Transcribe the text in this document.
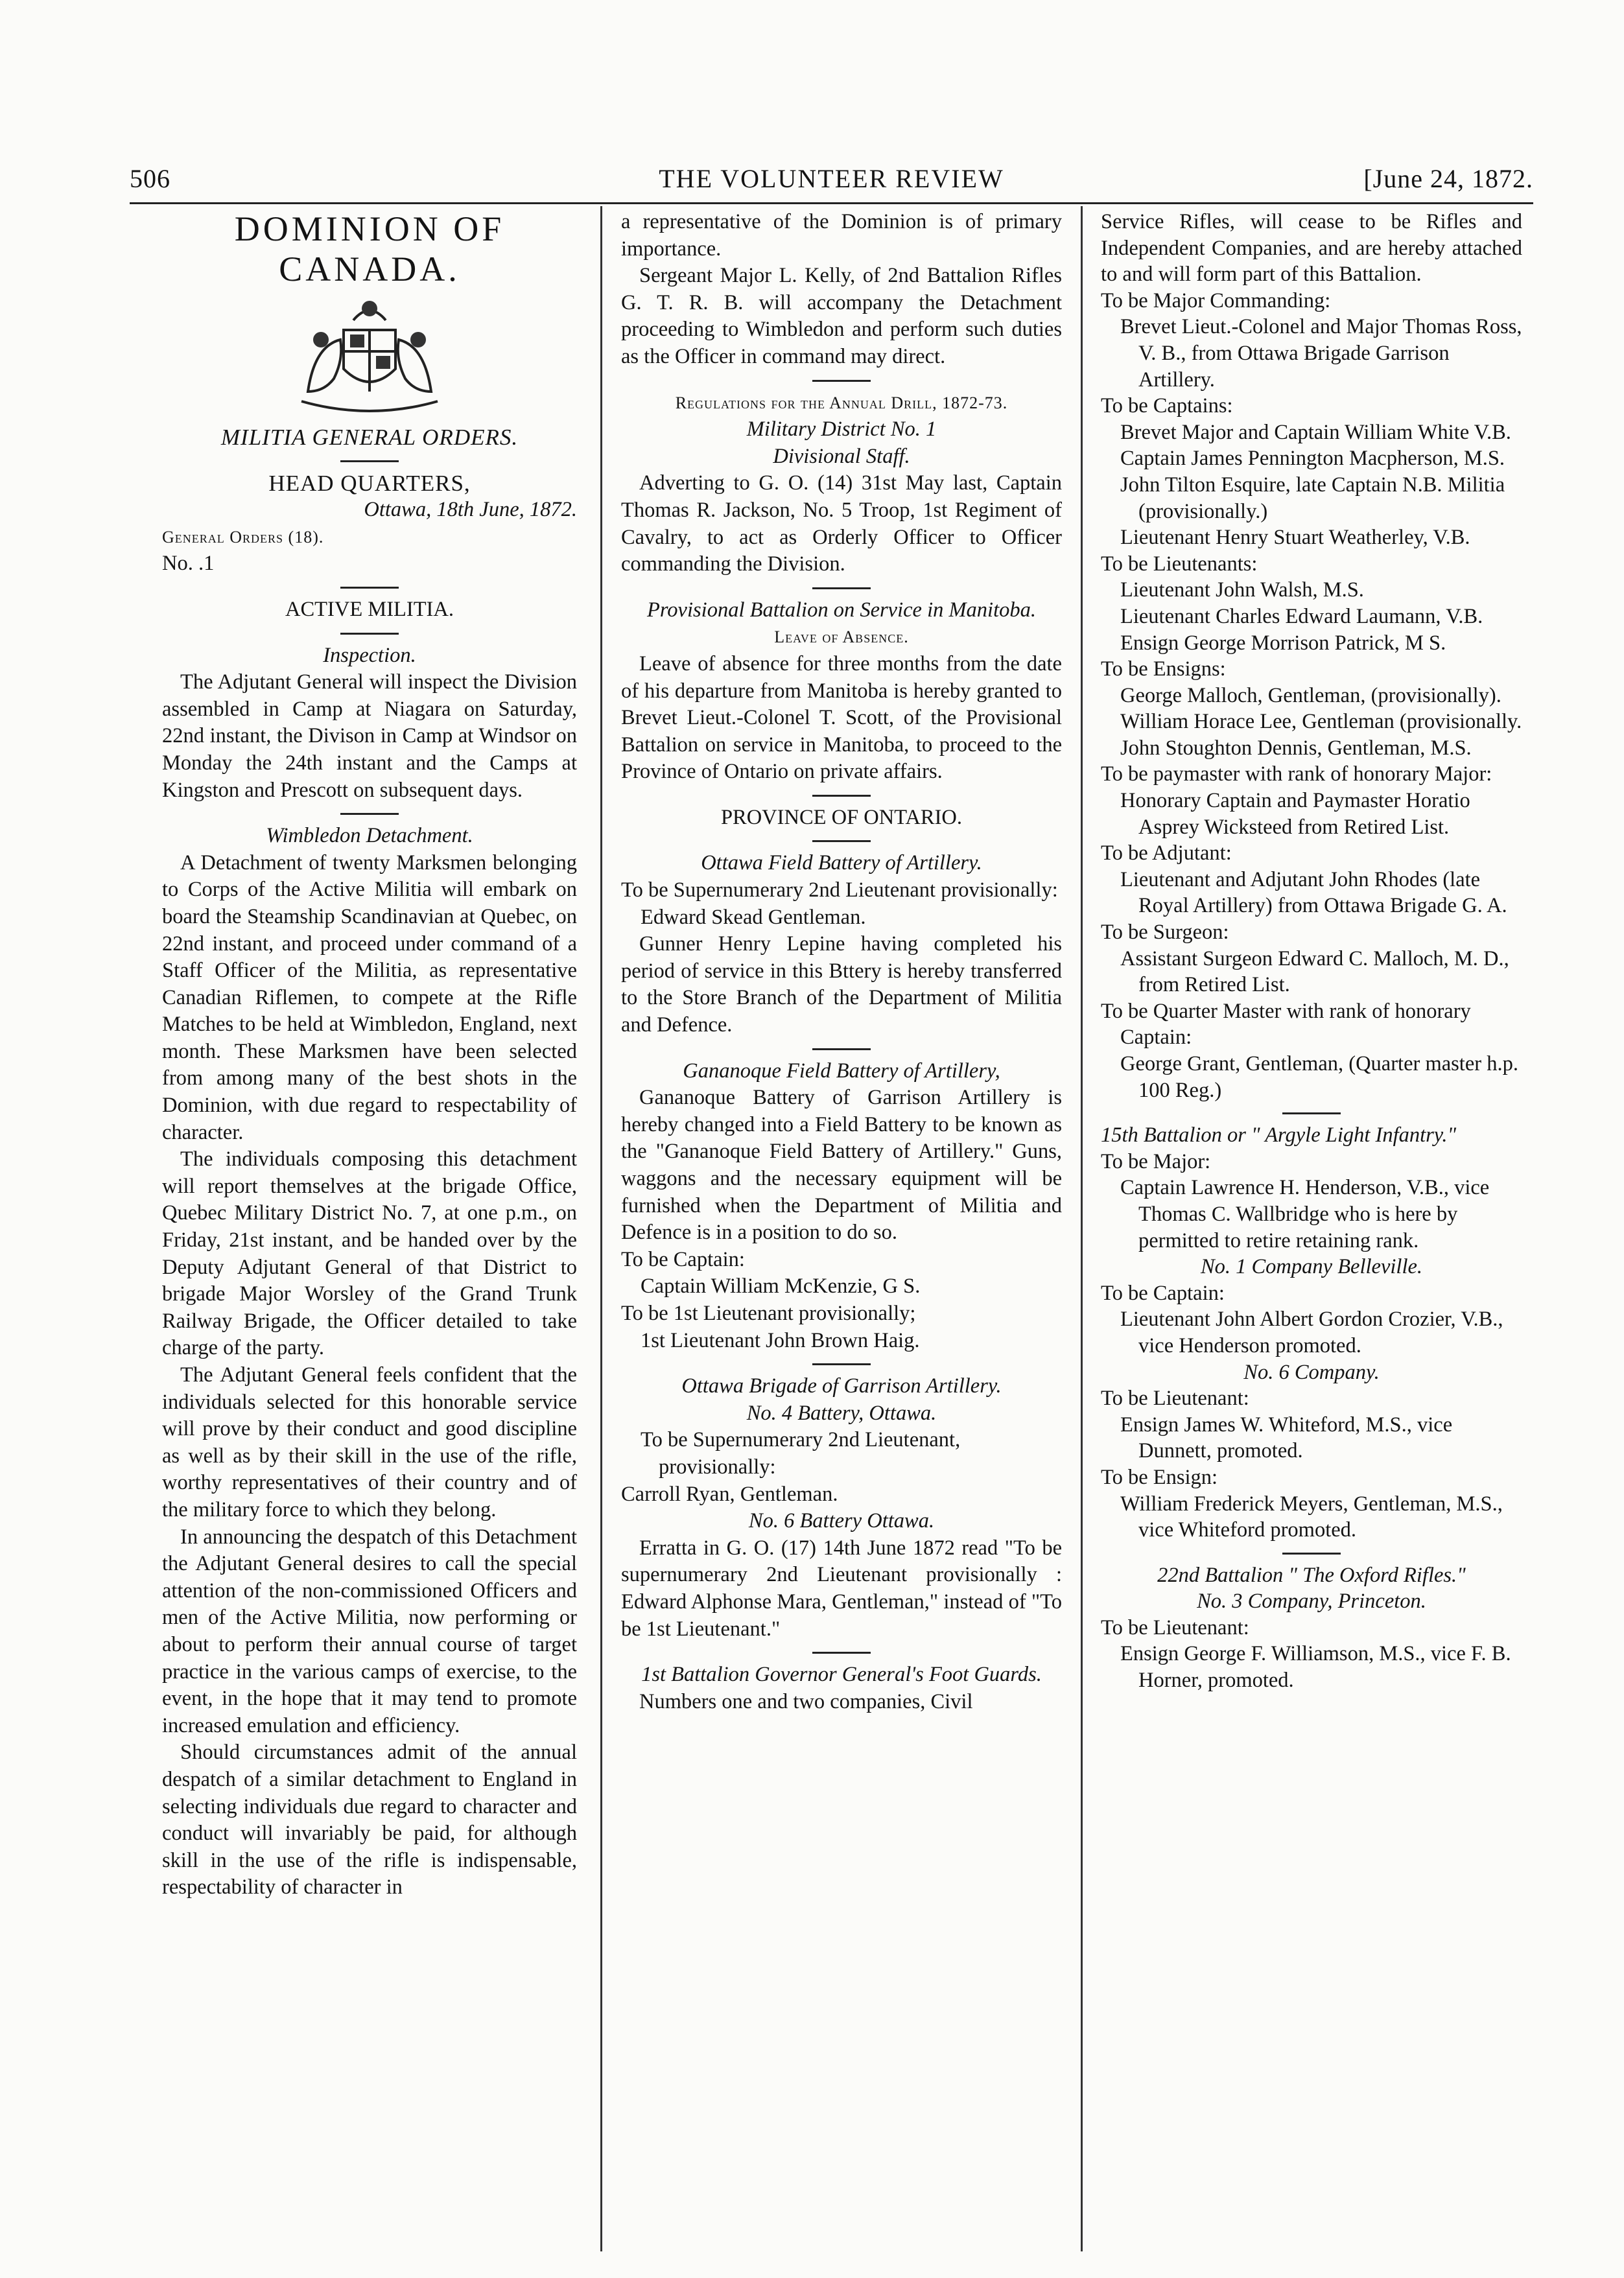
506	THE VOLUNTEER REVIEW	[June 24, 1872.
DOMINION OF CANADA.
MILITIA GENERAL ORDERS.
HEAD QUARTERS,
Ottawa, 18th June, 1872.
General Orders (18).
No. .1
ACTIVE MILITIA.
Inspection.

The Adjutant General will inspect the Division assembled in Camp at Niagara on Saturday, 22nd instant, the Divison in Camp at Windsor on Monday the 24th instant and the Camps at Kingston and Prescott on subsequent days.

Wimbledon Detachment.

A Detachment of twenty Marksmen belonging to Corps of the Active Militia will embark on board the Steamship Scandinavian at Quebec, on 22nd instant, and proceed under command of a Staff Officer of the Militia, as representative Canadian Riflemen, to compete at the Rifle Matches to be held at Wimbledon, England, next month. These Marksmen have been selected from among many of the best shots in the Dominion, with due regard to respectability of character.

The individuals composing this detachment will report themselves at the brigade Office, Quebec Military District No. 7, at one p.m., on Friday, 21st instant, and be handed over by the Deputy Adjutant General of that District to brigade Major Worsley of the Grand Trunk Railway Brigade, the Officer detailed to take charge of the party.

The Adjutant General feels confident that the individuals selected for this honorable service will prove by their conduct and good discipline as well as by their skill in the use of the rifle, worthy representatives of their country and of the military force to which they belong.

In announcing the despatch of this Detachment the Adjutant General desires to call the special attention of the non-commissioned Officers and men of the Active Militia, now performing or about to perform their annual course of target practice in the various camps of exercise, to the event, in the hope that it may tend to promote increased emulation and efficiency.

Should circumstances admit of the annual despatch of a similar detachment to England in selecting individuals due regard to character and conduct will invariably be paid, for although skill in the use of the rifle is indispensable, respectability of character in

a representative of the Dominion is of primary importance.

Sergeant Major L. Kelly, of 2nd Battalion Rifles G. T. R. B. will accompany the Detachment proceeding to Wimbledon and perform such duties as the Officer in command may direct.

Regulations for the Annual Drill, 1872-73.
Military District No. 1
Divisional Staff.

Adverting to G. O. (14) 31st May last, Captain Thomas R. Jackson, No. 5 Troop, 1st Regiment of Cavalry, to act as Orderly Officer to Officer commanding the Division.

Provisional Battalion on Service in Manitoba.
Leave of Absence.

Leave of absence for three months from the date of his departure from Manitoba is hereby granted to Brevet Lieut.-Colonel T. Scott, of the Provisional Battalion on service in Manitoba, to proceed to the Province of Ontario on private affairs.

PROVINCE OF ONTARIO.
Ottawa Field Battery of Artillery.
To be Supernumerary 2nd Lieutenant provisionally:
Edward Skead Gentleman.

Gunner Henry Lepine having completed his period of service in this Bttery is hereby transferred to the Store Branch of the Department of Militia and Defence.

Gananoque Field Battery of Artillery,

Gananoque Battery of Garrison Artillery is hereby changed into a Field Battery to be known as the "Gananoque Field Battery of Artillery." Guns, waggons and the necessary equipment will be furnished when the Department of Militia and Defence is in a position to do so.

To be Captain:
Captain William McKenzie, G S.
To be 1st Lieutenant provisionally;
1st Lieutenant John Brown Haig.
Ottawa Brigade of Garrison Artillery.
No. 4 Battery, Ottawa.
To be Supernumerary 2nd Lieutenant, provisionally:
Carroll Ryan, Gentleman.
No. 6 Battery Ottawa.

Erratta in G. O. (17) 14th June 1872 read "To be supernumerary 2nd Lieutenant provisionally : Edward Alphonse Mara, Gentleman," instead of "To be 1st Lieutenant."

1st Battalion Governor General's Foot Guards.

Numbers one and two companies, Civil

Service Rifles, will cease to be Rifles and Independent Companies, and are hereby attached to and will form part of this Battalion.

To be Major Commanding:
Brevet Lieut.-Colonel and Major Thomas Ross, V. B., from Ottawa Brigade Garrison Artillery.
To be Captains:
Brevet Major and Captain William White V.B.
Captain James Pennington Macpherson, M.S.
John Tilton Esquire, late Captain N.B. Militia (provisionally.)
Lieutenant Henry Stuart Weatherley, V.B.
To be Lieutenants:
Lieutenant John Walsh, M.S.
Lieutenant Charles Edward Laumann, V.B.
Ensign George Morrison Patrick, M S.
To be Ensigns:
George Malloch, Gentleman, (provisionally).
William Horace Lee, Gentleman (provisionally.
John Stoughton Dennis, Gentleman, M.S.
To be paymaster with rank of honorary Major:
Honorary Captain and Paymaster Horatio Asprey Wicksteed from Retired List.
To be Adjutant:
Lieutenant and Adjutant John Rhodes (late Royal Artillery) from Ottawa Brigade G. A.
To be Surgeon:
Assistant Surgeon Edward C. Malloch, M. D., from Retired List.
To be Quarter Master with rank of honorary Captain:
George Grant, Gentleman, (Quarter master h.p. 100 Reg.)
15th Battalion or " Argyle Light Infantry."
To be Major:
Captain Lawrence H. Henderson, V.B., vice Thomas C. Wallbridge who is here by permitted to retire retaining rank.
No. 1 Company Belleville.
To be Captain:
Lieutenant John Albert Gordon Crozier, V.B., vice Henderson promoted.
No. 6 Company.
To be Lieutenant:
Ensign James W. Whiteford, M.S., vice Dunnett, promoted.
To be Ensign:
William Frederick Meyers, Gentleman, M.S., vice Whiteford promoted.
22nd Battalion " The Oxford Rifles."
No. 3 Company, Princeton.
To be Lieutenant:
Ensign George F. Williamson, M.S., vice F. B. Horner, promoted.
